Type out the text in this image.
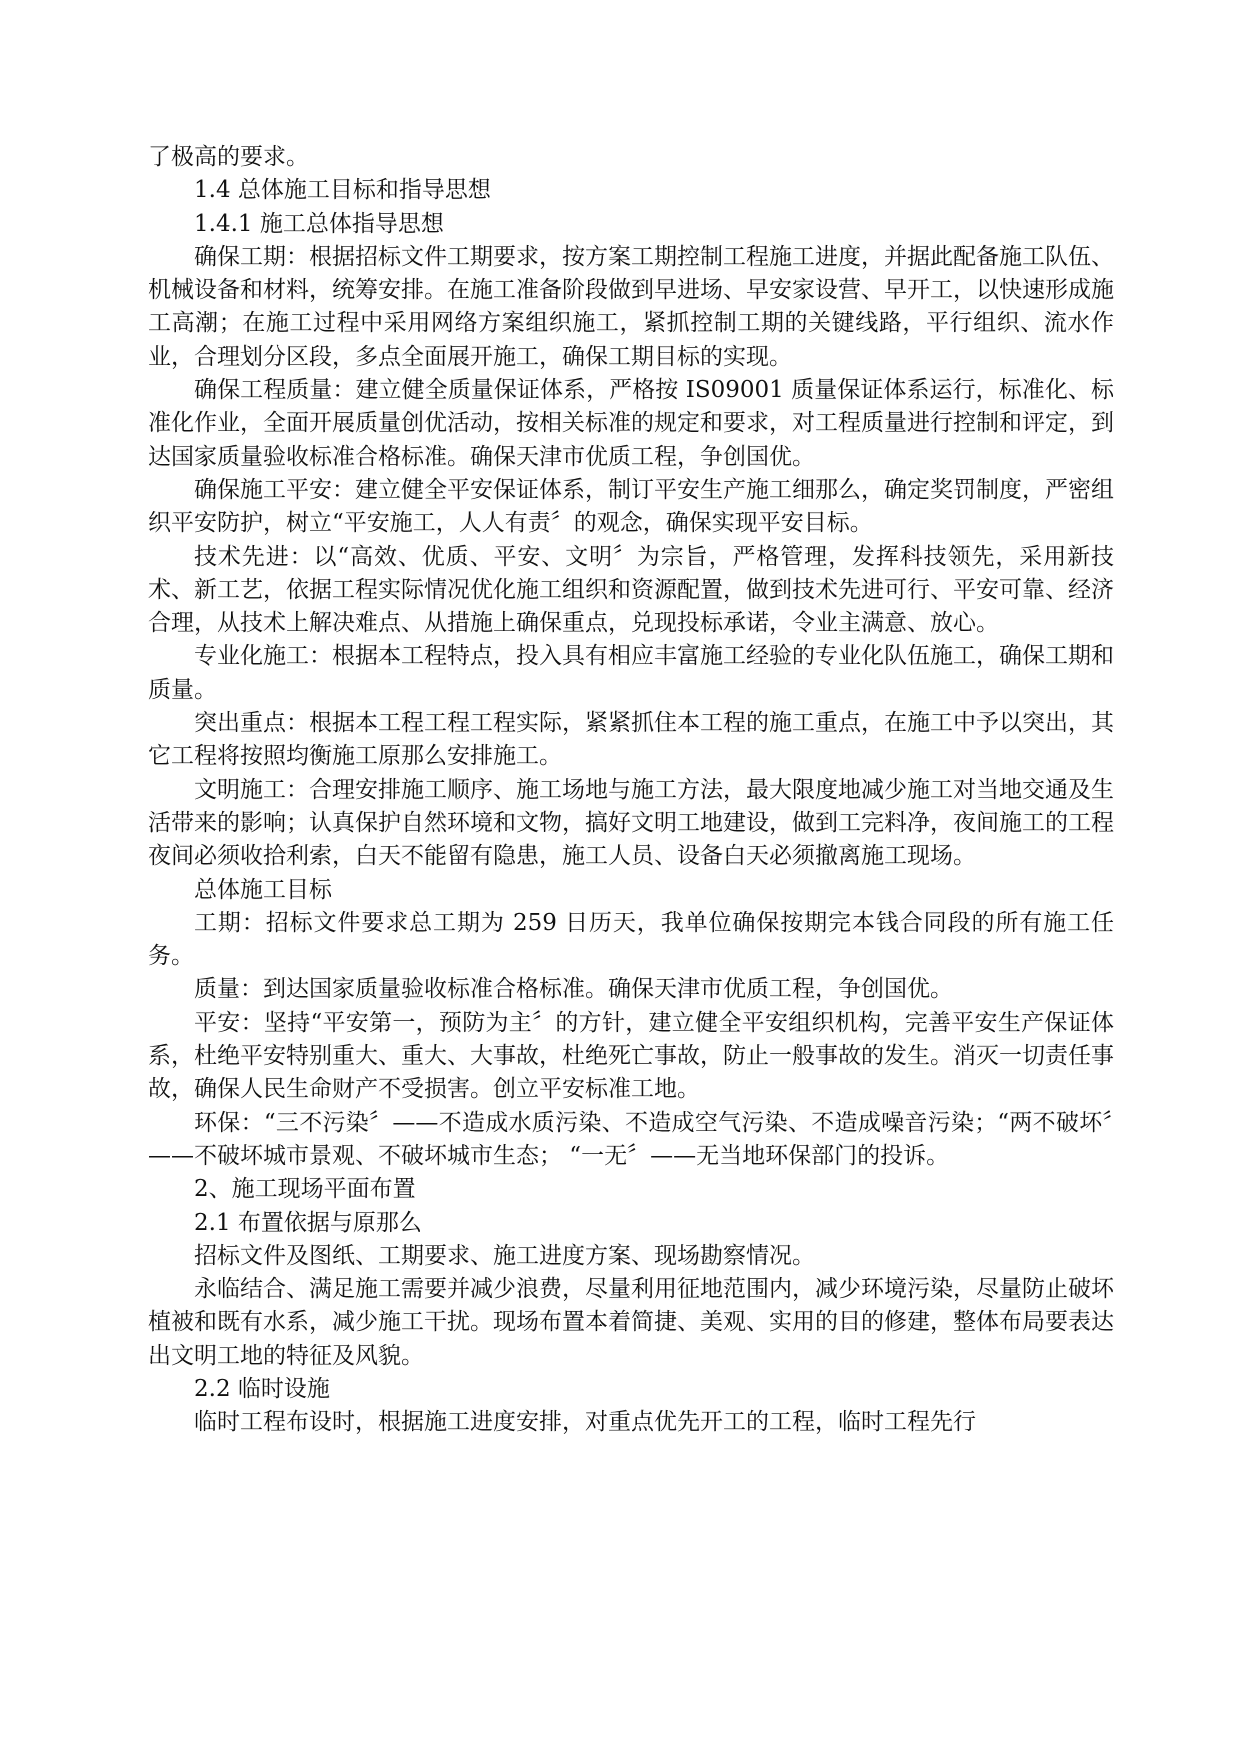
了极高的要求。

1.4 总体施工目标和指导思想

1.4.1 施工总体指导思想

确保工期：根据招标文件工期要求，按方案工期控制工程施工进度，并据此配备施工队伍、机械设备和材料，统筹安排。在施工准备阶段做到早进场、早安家设营、早开工，以快速形成施工高潮；在施工过程中采用网络方案组织施工，紧抓控制工期的关键线路，平行组织、流水作业，合理划分区段，多点全面展开施工，确保工期目标的实现。

确保工程质量：建立健全质量保证体系，严格按 IS09001 质量保证体系运行，标准化、标准化作业，全面开展质量创优活动，按相关标准的规定和要求，对工程质量进行控制和评定，到达国家质量验收标准合格标准。确保天津市优质工程，争创国优。

确保施工平安：建立健全平安保证体系，制订平安生产施工细那么，确定奖罚制度，严密组织平安防护，树立“平安施工，人人有责〞的观念，确保实现平安目标。

技术先进：以“高效、优质、平安、文明〞为宗旨，严格管理，发挥科技领先，采用新技术、新工艺，依据工程实际情况优化施工组织和资源配置，做到技术先进可行、平安可靠、经济合理，从技术上解决难点、从措施上确保重点，兑现投标承诺，令业主满意、放心。

专业化施工：根据本工程特点，投入具有相应丰富施工经验的专业化队伍施工，确保工期和质量。

突出重点：根据本工程工程工程实际，紧紧抓住本工程的施工重点，在施工中予以突出，其它工程将按照均衡施工原那么安排施工。

文明施工：合理安排施工顺序、施工场地与施工方法，最大限度地减少施工对当地交通及生活带来的影响；认真保护自然环境和文物，搞好文明工地建设，做到工完料净，夜间施工的工程夜间必须收拾利索，白天不能留有隐患，施工人员、设备白天必须撤离施工现场。

总体施工目标

工期：招标文件要求总工期为 259 日历天，我单位确保按期完本钱合同段的所有施工任务。

质量：到达国家质量验收标准合格标准。确保天津市优质工程，争创国优。

平安：坚持“平安第一，预防为主〞的方针，建立健全平安组织机构，完善平安生产保证体系，杜绝平安特别重大、重大、大事故，杜绝死亡事故，防止一般事故的发生。消灭一切责任事故，确保人民生命财产不受损害。创立平安标准工地。

环保：“三不污染〞——不造成水质污染、不造成空气污染、不造成噪音污染；“两不破坏〞——不破坏城市景观、不破坏城市生态； “一无〞——无当地环保部门的投诉。

2、施工现场平面布置

2.1 布置依据与原那么

招标文件及图纸、工期要求、施工进度方案、现场勘察情况。

永临结合、满足施工需要并减少浪费，尽量利用征地范围内，减少环境污染，尽量防止破坏植被和既有水系，减少施工干扰。现场布置本着简捷、美观、实用的目的修建，整体布局要表达出文明工地的特征及风貌。

2.2 临时设施

临时工程布设时，根据施工进度安排，对重点优先开工的工程，临时工程先行
